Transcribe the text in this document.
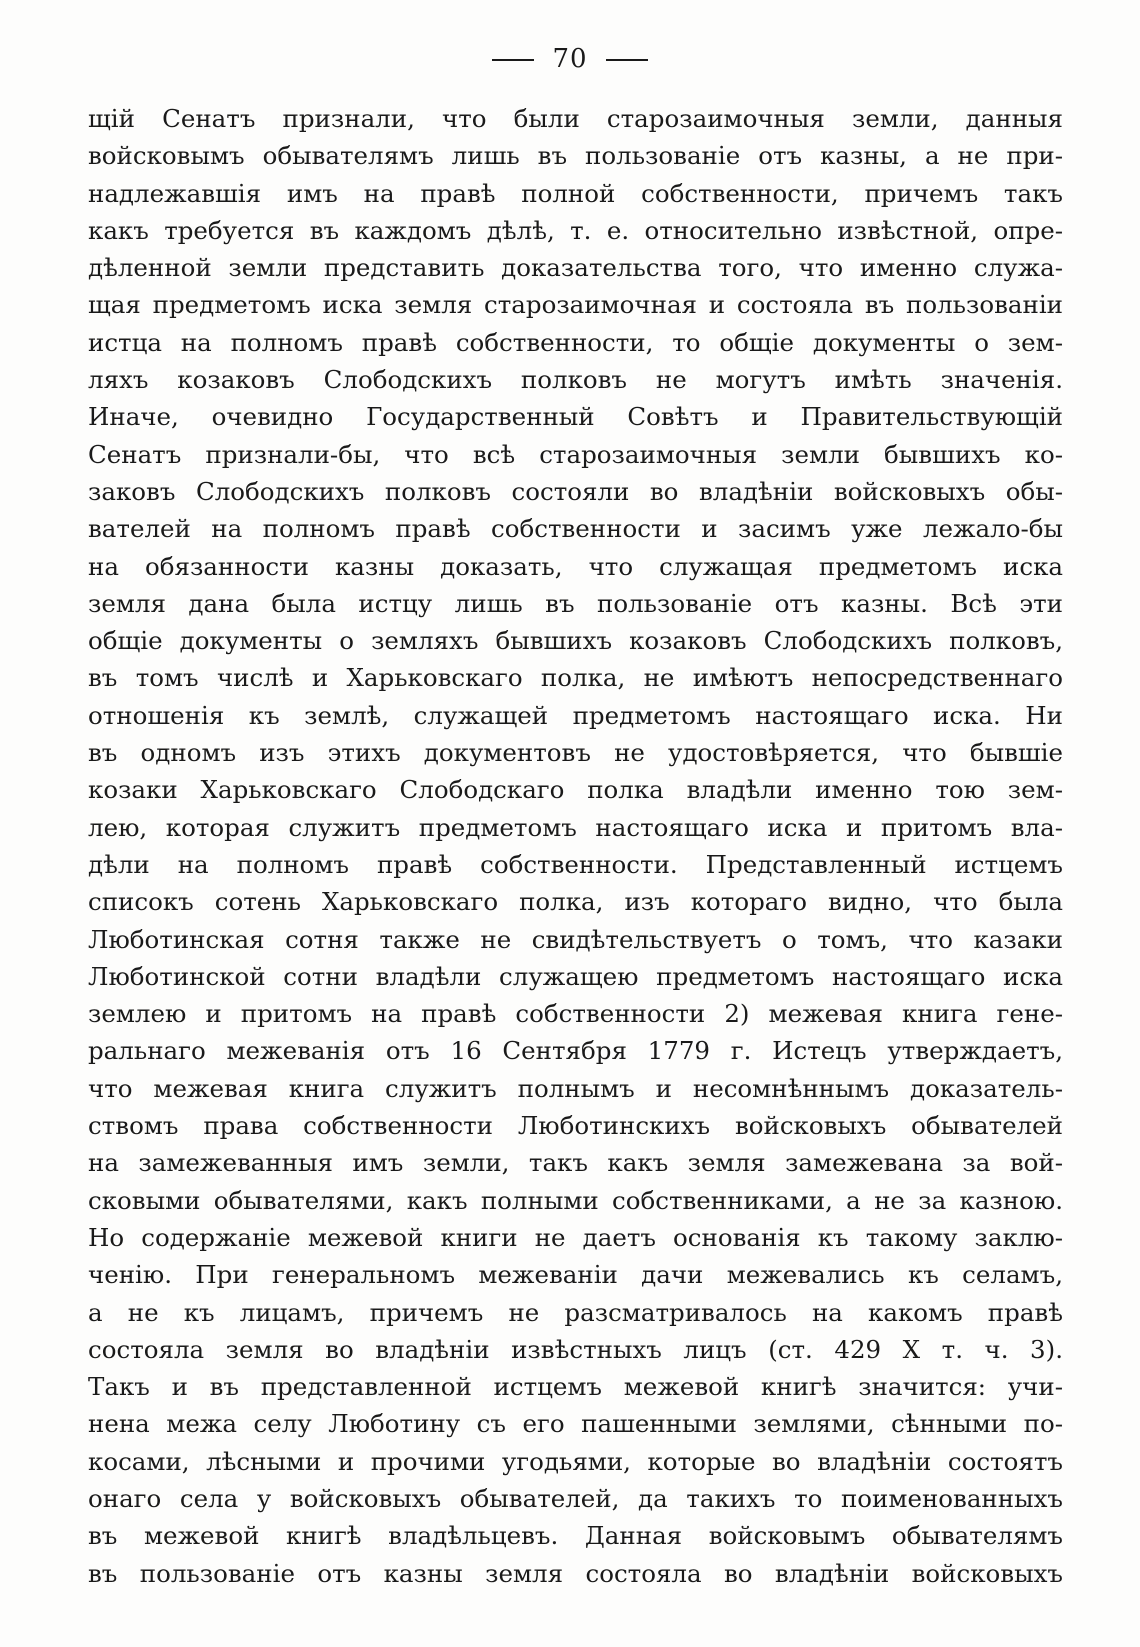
70
щій Сенатъ признали, что были старозаимочныя земли, данныя
войсковымъ обывателямъ лишь въ пользованіе отъ казны, а не при-
надлежавшія имъ на правѣ полной собственности, причемъ такъ
какъ требуется въ каждомъ дѣлѣ, т. е. относительно извѣстной, опре-
дѣленной земли представить доказательства того, что именно служа-
щая предметомъ иска земля старозаимочная и состояла въ пользованіи
истца на полномъ правѣ собственности, то общіе документы о зем-
ляхъ козаковъ Слободскихъ полковъ не могутъ имѣть значенія.
Иначе, очевидно Государственный Совѣтъ и Правительствующій
Сенатъ признали-бы, что всѣ старозаимочныя земли бывшихъ ко-
заковъ Слободскихъ полковъ состояли во владѣніи войсковыхъ обы-
вателей на полномъ правѣ собственности и засимъ уже лежало-бы
на обязанности казны доказать, что служащая предметомъ иска
земля дана была истцу лишь въ пользованіе отъ казны. Всѣ эти
общіе документы о земляхъ бывшихъ козаковъ Слободскихъ полковъ,
въ томъ числѣ и Харьковскаго полка, не имѣютъ непосредственнаго
отношенія къ землѣ, служащей предметомъ настоящаго иска. Ни
въ одномъ изъ этихъ документовъ не удостовѣряется, что бывшіе
козаки Харьковскаго Слободскаго полка владѣли именно тою зем-
лею, которая служитъ предметомъ настоящаго иска и притомъ вла-
дѣли на полномъ правѣ собственности. Представленный истцемъ
списокъ сотень Харьковскаго полка, изъ котораго видно, что была
Люботинская сотня также не свидѣтельствуетъ о томъ, что казаки
Люботинской сотни владѣли служащею предметомъ настоящаго иска
землею и притомъ на правѣ собственности 2) межевая книга гене-
ральнаго межеванія отъ 16 Сентября 1779 г. Истецъ утверждаетъ,
что межевая книга служитъ полнымъ и несомнѣннымъ доказатель-
ствомъ права собственности Люботинскихъ войсковыхъ обывателей
на замежеванныя имъ земли, такъ какъ земля замежевана за вой-
сковыми обывателями, какъ полными собственниками, а не за казною.
Но содержаніе межевой книги не даетъ основанія къ такому заклю-
ченію. При генеральномъ межеваніи дачи межевались къ селамъ,
а не къ лицамъ, причемъ не разсматривалось на какомъ правѣ
состояла земля во владѣніи извѣстныхъ лицъ (ст. 429 X т. ч. 3).
Такъ и въ представленной истцемъ межевой книгѣ значится: учи-
нена межа селу Люботину съ его пашенными землями, сѣнными по-
косами, лѣсными и прочими угодьями, которые во владѣніи состоятъ
онаго села у войсковыхъ обывателей, да такихъ то поименованныхъ
въ межевой книгѣ владѣльцевъ. Данная войсковымъ обывателямъ
въ пользованіе отъ казны земля состояла во владѣніи войсковыхъ
